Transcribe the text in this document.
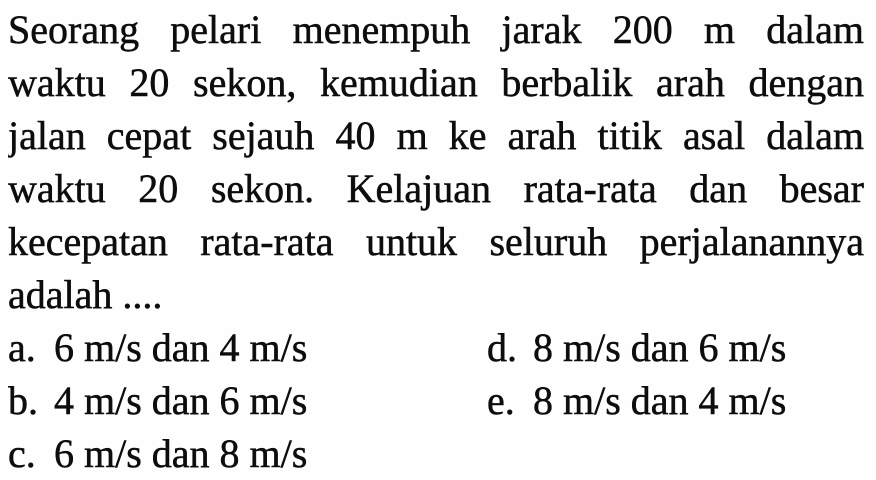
Seorang pelari menempuh jarak 200 m dalam
waktu 20 sekon, kemudian berbalik arah dengan
jalan cepat sejauh 40 m ke arah titik asal dalam
waktu 20 sekon. Kelajuan rata-rata dan besar
kecepatan rata-rata untuk seluruh perjalanannya
adalah ....
a. 6 m/s dan 4 m/s	d. 8 m/s dan 6 m/s
b. 4 m/s dan 6 m/s	e. 8 m/s dan 4 m/s
c. 6 m/s dan 8 m/s
